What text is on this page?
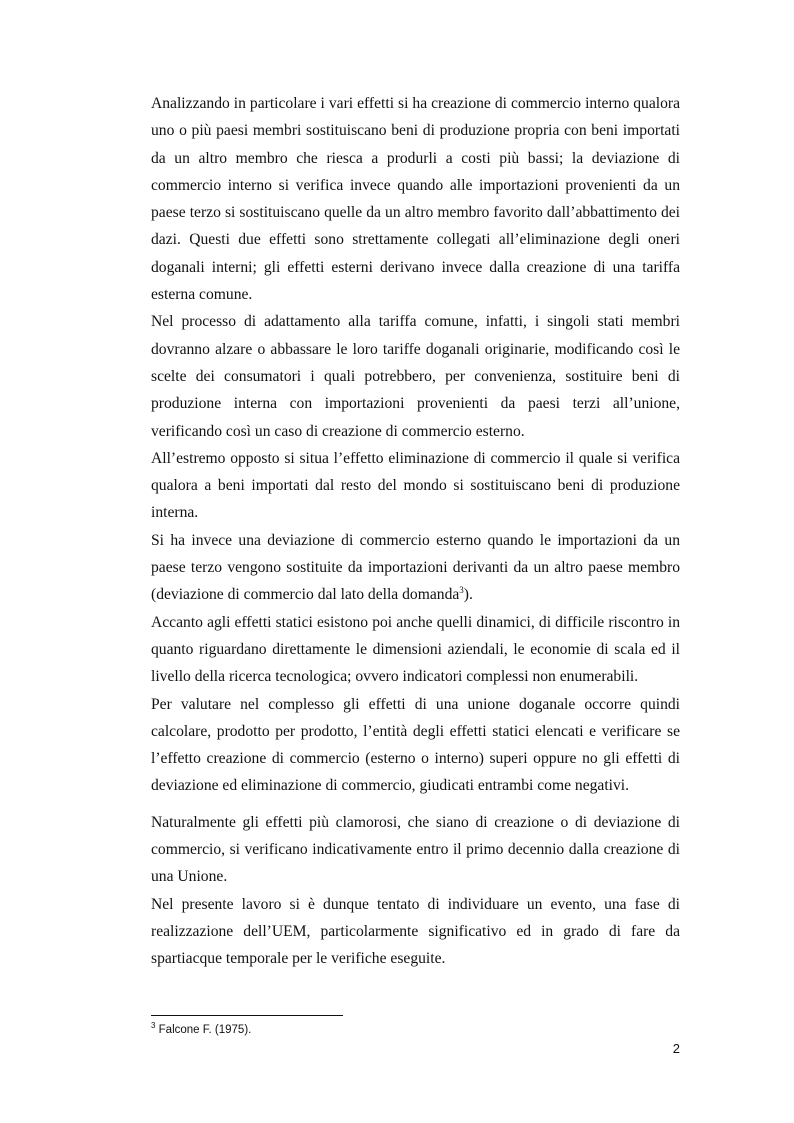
Analizzando in particolare i vari effetti si ha creazione di commercio interno qualora uno o più paesi membri sostituiscano beni di produzione propria con beni importati da un altro membro che riesca a produrli a costi più bassi; la deviazione di commercio interno si verifica invece quando alle importazioni provenienti da un paese terzo si sostituiscano quelle da un altro membro favorito dall’abbattimento dei dazi. Questi due effetti sono strettamente collegati all’eliminazione degli oneri doganali interni; gli effetti esterni derivano invece dalla creazione di una tariffa esterna comune.

Nel processo di adattamento alla tariffa comune, infatti, i singoli stati membri dovranno alzare o abbassare le loro tariffe doganali originarie, modificando così le scelte dei consumatori i quali potrebbero, per convenienza, sostituire beni di produzione interna con importazioni provenienti da paesi terzi all’unione, verificando così un caso di creazione di commercio esterno.

All’estremo opposto si situa l’effetto eliminazione di commercio il quale si verifica qualora a beni importati dal resto del mondo si sostituiscano beni di produzione interna.

Si ha invece una deviazione di commercio esterno quando le importazioni da un paese terzo vengono sostituite da importazioni derivanti da un altro paese membro (deviazione di commercio dal lato della domanda$^3$).

Accanto agli effetti statici esistono poi anche quelli dinamici, di difficile riscontro in quanto riguardano direttamente le dimensioni aziendali, le economie di scala ed il livello della ricerca tecnologica; ovvero indicatori complessi non enumerabili.

Per valutare nel complesso gli effetti di una unione doganale occorre quindi calcolare, prodotto per prodotto, l’entità degli effetti statici elencati e verificare se l’effetto creazione di commercio (esterno o interno) superi oppure no gli effetti di deviazione ed eliminazione di commercio, giudicati entrambi come negativi.

Naturalmente gli effetti più clamorosi, che siano di creazione o di deviazione di commercio, si verificano indicativamente entro il primo decennio dalla creazione di una Unione.

Nel presente lavoro si è dunque tentato di individuare un evento, una fase di realizzazione dell’UEM, particolarmente significativo ed in grado di fare da spartiacque temporale per le verifiche eseguite.

$^3$ Falcone F. (1975).
2
